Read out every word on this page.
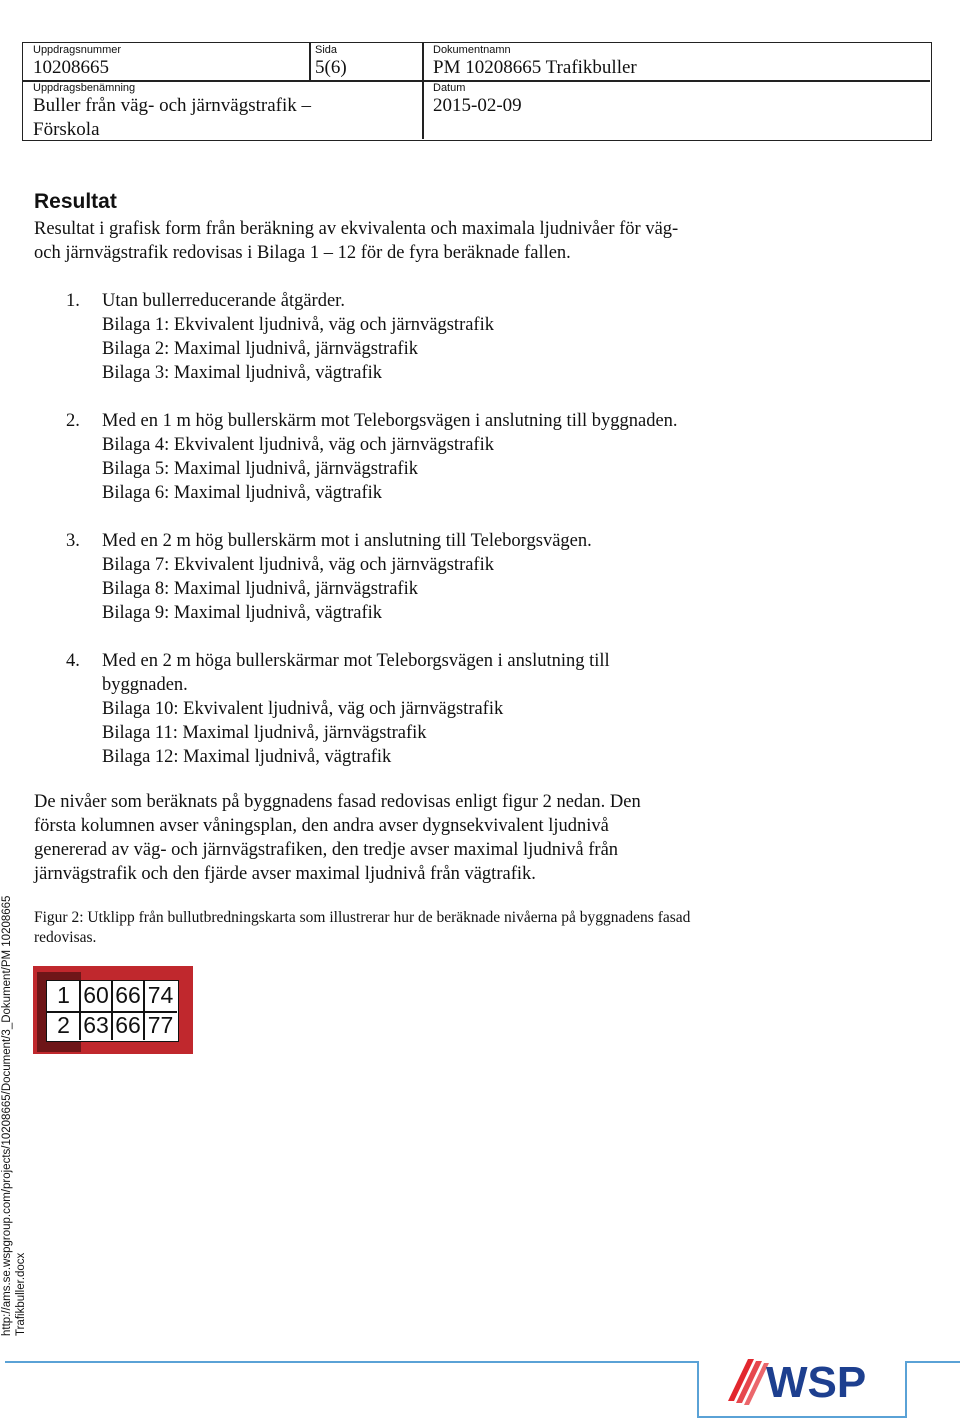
Uppdragsnummer
10208665
Sida
5(6)
Dokumentnamn
PM 10208665 Trafikbuller
Uppdragsbenämning
Buller från väg- och järnvägstrafik –
Förskola
Datum
2015-02-09
Resultat
Resultat i grafisk form från beräkning av ekvivalenta och maximala ljudnivåer för väg-
och järnvägstrafik redovisas i Bilaga 1 – 12 för de fyra beräknade fallen.
1. Utan bullerreducerande åtgärder.
Bilaga 1: Ekvivalent ljudnivå, väg och järnvägstrafik
Bilaga 2: Maximal ljudnivå, järnvägstrafik
Bilaga 3: Maximal ljudnivå, vägtrafik
2. Med en 1 m hög bullerskärm mot Teleborgsvägen i anslutning till byggnaden.
Bilaga 4: Ekvivalent ljudnivå, väg och järnvägstrafik
Bilaga 5: Maximal ljudnivå, järnvägstrafik
Bilaga 6: Maximal ljudnivå, vägtrafik
3. Med en 2 m hög bullerskärm mot i anslutning till Teleborgsvägen.
Bilaga 7: Ekvivalent ljudnivå, väg och järnvägstrafik
Bilaga 8: Maximal ljudnivå, järnvägstrafik
Bilaga 9: Maximal ljudnivå, vägtrafik
4. Med en 2 m höga bullerskärmar mot Teleborgsvägen i anslutning till
byggnaden.
Bilaga 10: Ekvivalent ljudnivå, väg och järnvägstrafik
Bilaga 11: Maximal ljudnivå, järnvägstrafik
Bilaga 12: Maximal ljudnivå, vägtrafik
De nivåer som beräknats på byggnadens fasad redovisas enligt figur 2 nedan. Den
första kolumnen avser våningsplan, den andra avser dygnsekvivalent ljudnivå
genererad av väg- och järnvägstrafiken, den tredje avser maximal ljudnivå från
järnvägstrafik och den fjärde avser maximal ljudnivå från vägtrafik.
Figur 2: Utklipp från bullutbredningskarta som illustrerar hur de beräknade nivåerna på byggnadens fasad
redovisas.
1 60 66 74
2 63 66 77
http://ams.se.wspgroup.com/projects/10208665/Document/3_Dokument/PM 10208665 Trafikbuller.docx
WSP
